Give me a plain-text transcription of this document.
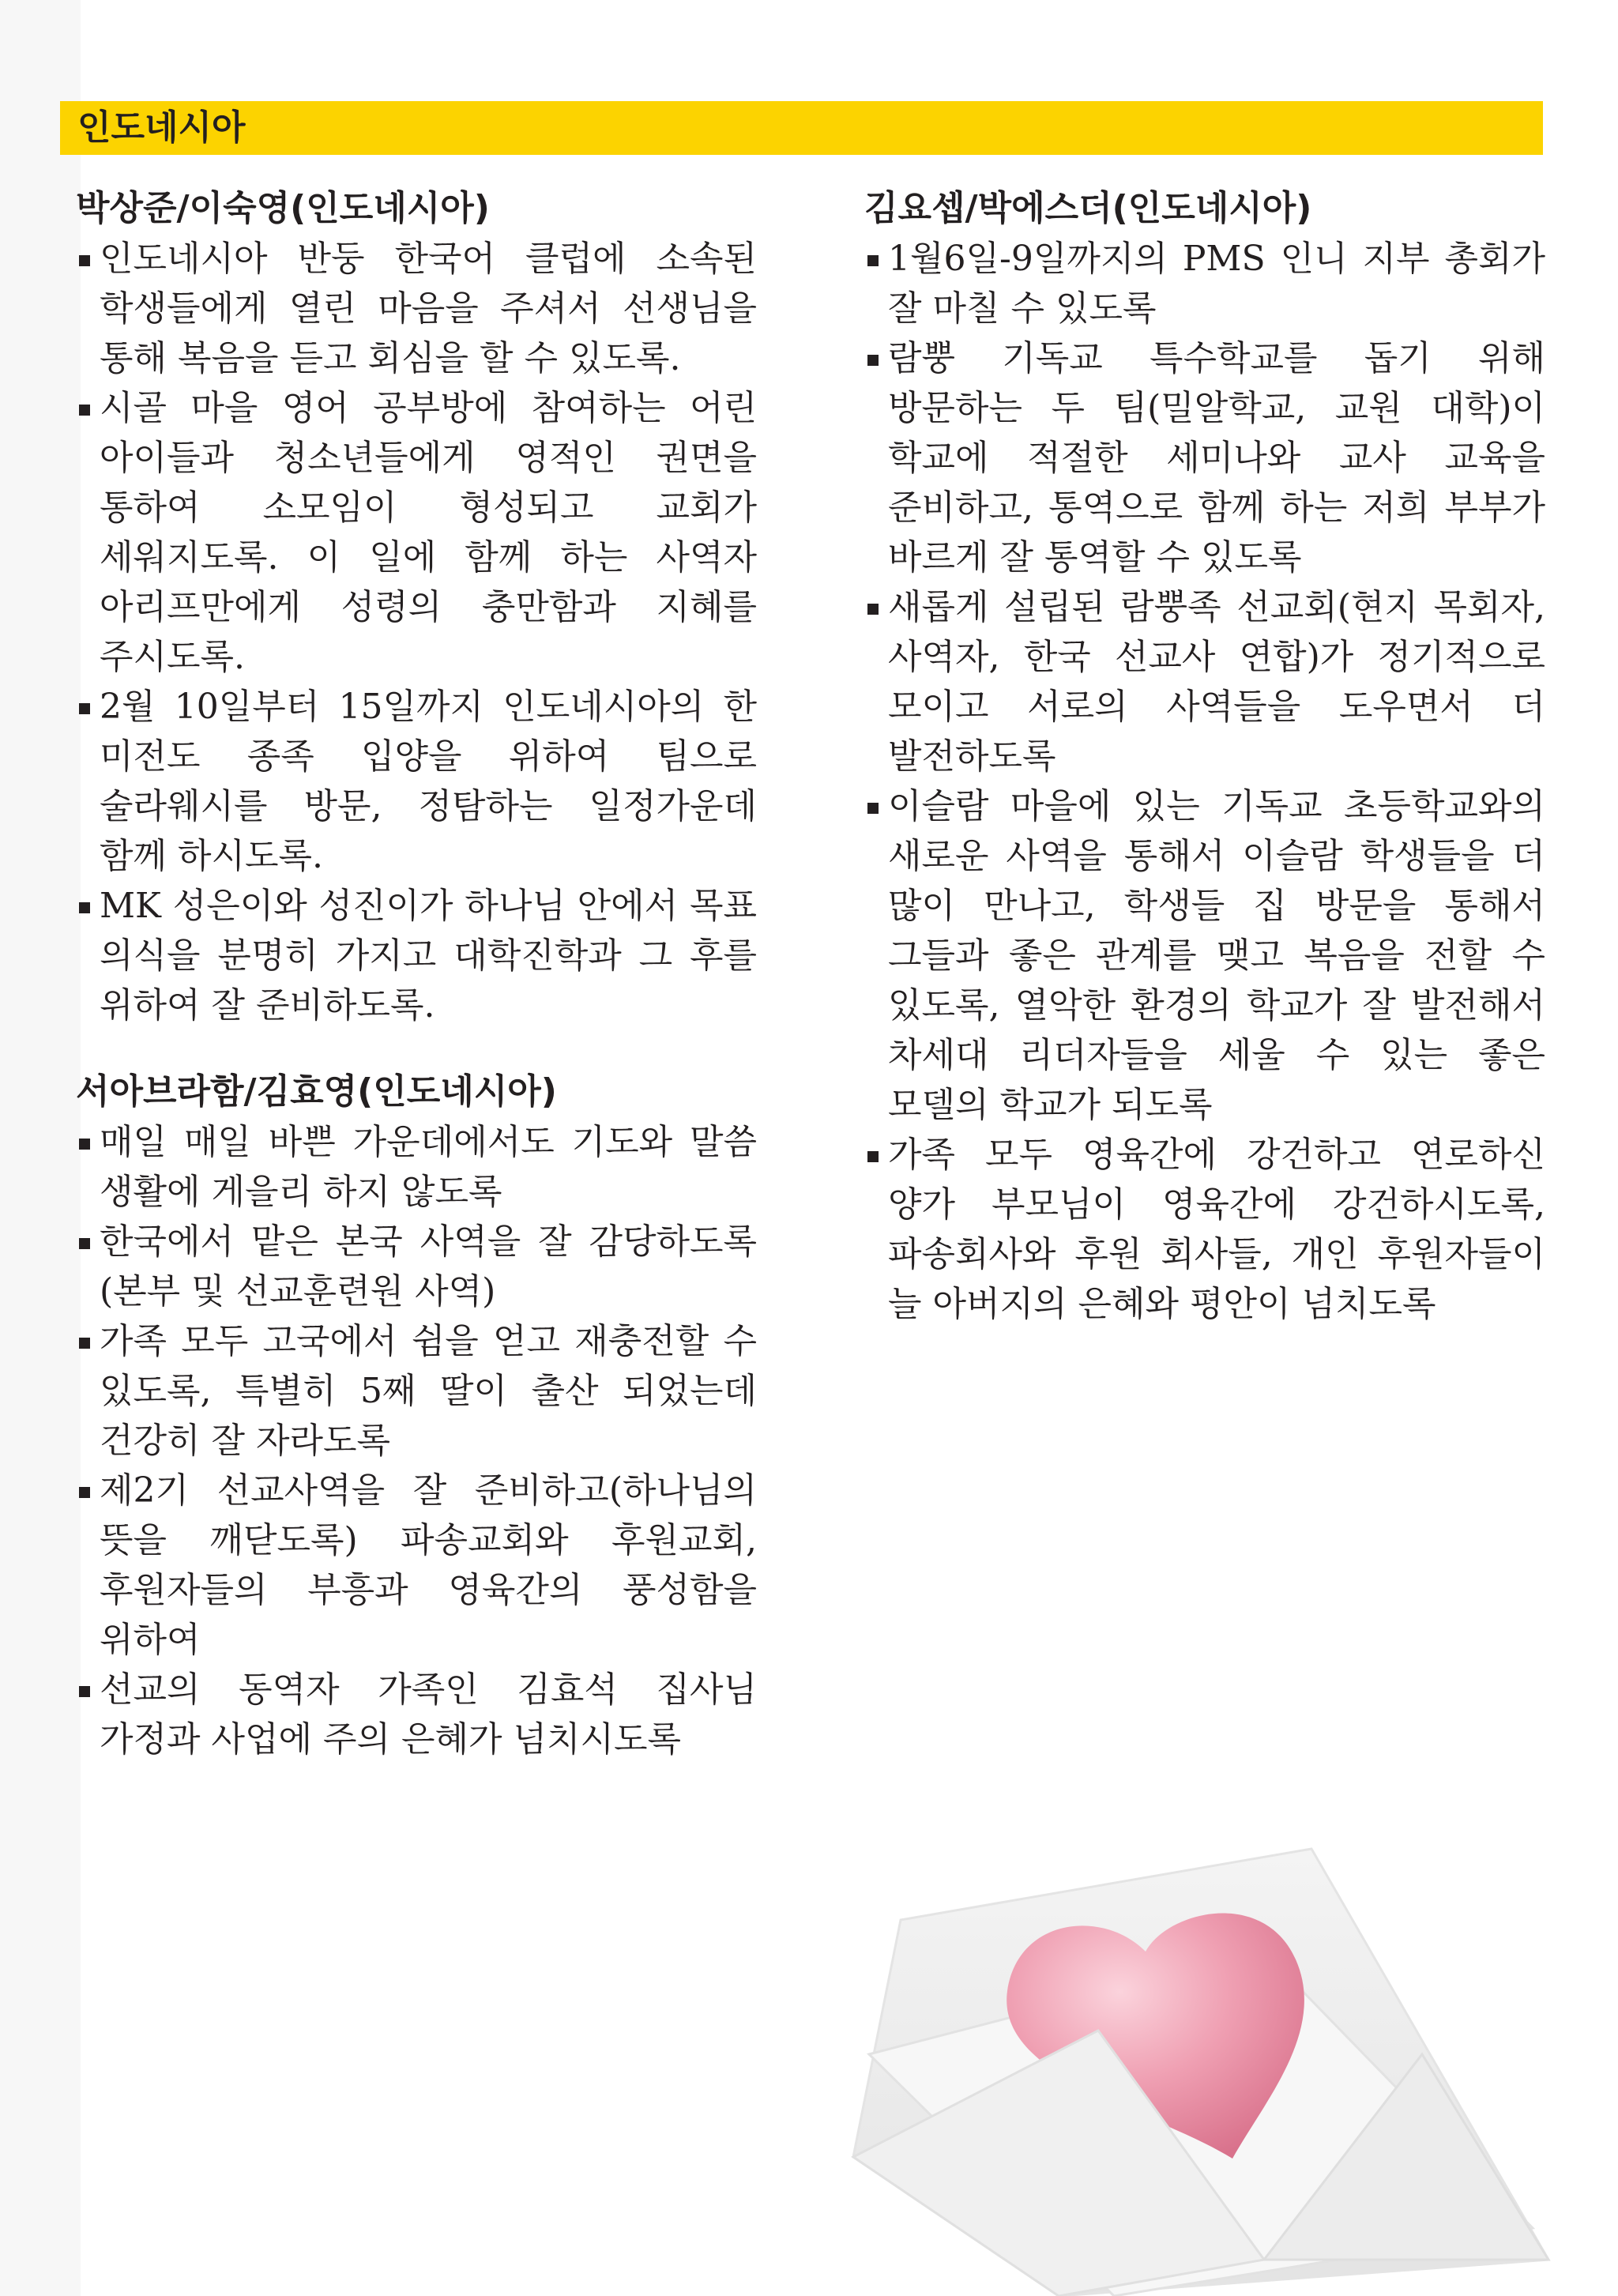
인도네시아
박상준/이숙영(인도네시아)
인도네시아 반둥 한국어 클럽에 소속된 학생들에게 열린 마음을 주셔서 선생님을 통해 복음을 듣고 회심을 할 수 있도록.
시골 마을 영어 공부방에 참여하는 어린 아이들과 청소년들에게 영적인 권면을 통하여 소모임이 형성되고 교회가 세워지도록. 이 일에 함께 하는 사역자 아리프만에게 성령의 충만함과 지혜를 주시도록.
2월 10일부터 15일까지 인도네시아의 한 미전도 종족 입양을 위하여 팀으로 술라웨시를 방문, 정탐하는 일정가운데 함께 하시도록.
MK 성은이와 성진이가 하나님 안에서 목표 의식을 분명히 가지고 대학진학과 그 후를 위하여 잘 준비하도록.
서아브라함/김효영(인도네시아)
매일 매일 바쁜 가운데에서도 기도와 말씀 생활에 게을리 하지 않도록
한국에서 맡은 본국 사역을 잘 감당하도록(본부 및 선교훈련원 사역)
가족 모두 고국에서 쉼을 얻고 재충전할 수 있도록, 특별히 5째 딸이 출산 되었는데 건강히 잘 자라도록
제2기 선교사역을 잘 준비하고(하나님의 뜻을 깨닫도록) 파송교회와 후원교회, 후원자들의 부흥과 영육간의 풍성함을 위하여
선교의 동역자 가족인 김효석 집사님 가정과 사업에 주의 은혜가 넘치시도록
김요셉/박에스더(인도네시아)
1월6일-9일까지의 PMS 인니 지부 총회가 잘 마칠 수 있도록
람뿡 기독교 특수학교를 돕기 위해 방문하는 두 팀(밀알학교, 교원 대학)이 학교에 적절한 세미나와 교사 교육을 준비하고, 통역으로 함께 하는 저희 부부가 바르게 잘 통역할 수 있도록
새롭게 설립된 람뿡족 선교회(현지 목회자, 사역자, 한국 선교사 연합)가 정기적으로 모이고 서로의 사역들을 도우면서 더 발전하도록
이슬람 마을에 있는 기독교 초등학교와의 새로운 사역을 통해서 이슬람 학생들을 더 많이 만나고, 학생들 집 방문을 통해서 그들과 좋은 관계를 맺고 복음을 전할 수 있도록, 열악한 환경의 학교가 잘 발전해서 차세대 리더자들을 세울 수 있는 좋은 모델의 학교가 되도록
가족 모두 영육간에 강건하고 연로하신 양가 부모님이 영육간에 강건하시도록, 파송회사와 후원 회사들, 개인 후원자들이 늘 아버지의 은혜와 평안이 넘치도록
